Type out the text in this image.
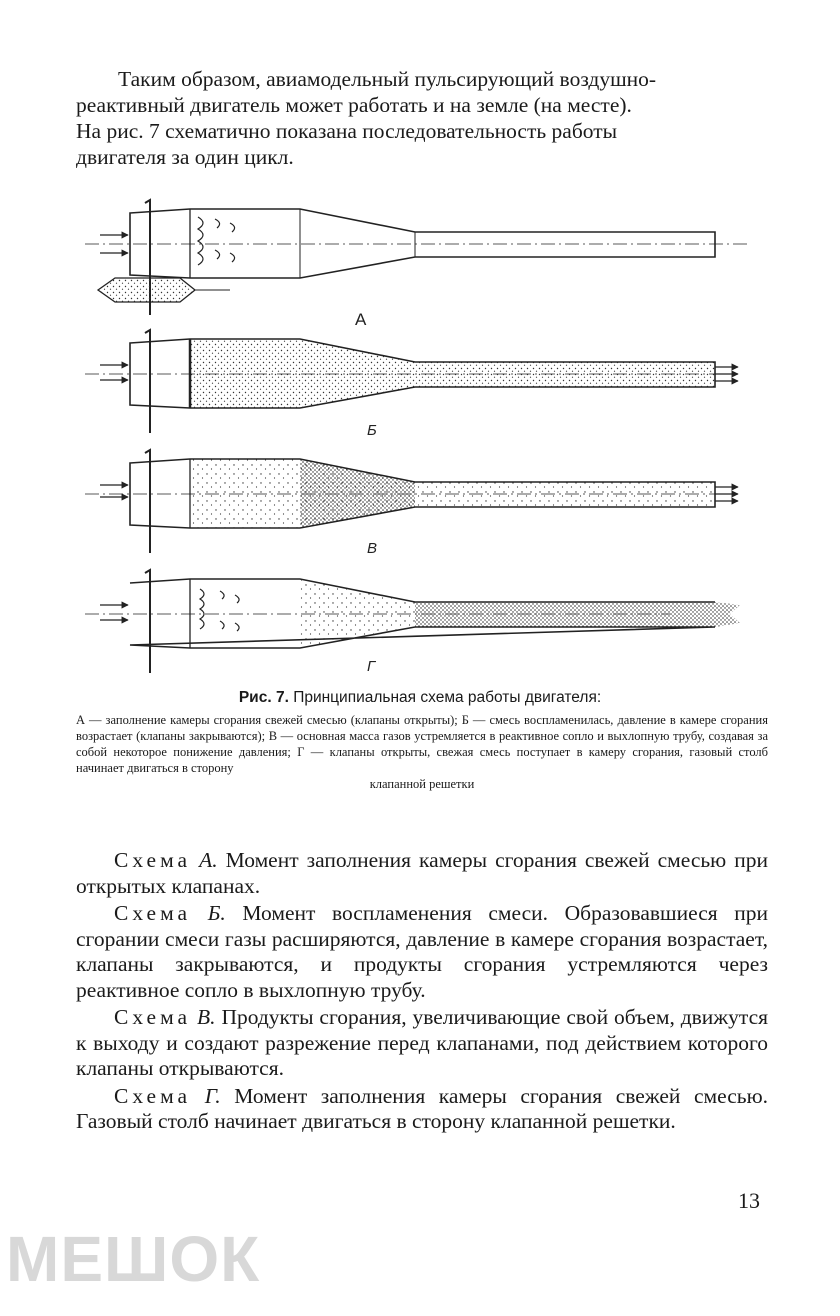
Таким образом, авиамодельный пульсирующий воздушно-
реактивный двигатель может работать и на земле (на месте).
На рис. 7 схематично показана последовательность работы
двигателя за один цикл.

А
Б
В
Г

Рис. 7. Принципиальная схема работы двигателя:

А — заполнение камеры сгорания свежей смесью (клапаны открыты); Б — смесь воспламенилась, давление в камере сгорания возрастает (клапаны закрываются); В — основная масса газов устремляется в реактивное сопло и выхлопную трубу, создавая за собой некоторое понижение давления; Г — клапаны открыты, свежая смесь поступает в камеру сгорания, газовый столб начинает двигаться в сторону
клапанной решетки

Схема А. Момент заполнения камеры сгорания свежей смесью при открытых клапанах.

Схема Б. Момент воспламенения смеси. Образовавшиеся при сгорании смеси газы расширяются, давление в камере сгорания возрастает, клапаны закрываются, и продукты сгорания устремляются через реактивное сопло в выхлопную трубу.

Схема В. Продукты сгорания, увеличивающие свой объем, движутся к выходу и создают разрежение перед клапанами, под действием которого клапаны открываются.

Схема Г. Момент заполнения камеры сгорания свежей смесью. Газовый столб начинает двигаться в сторону клапанной решетки.

13
МЕШОК
